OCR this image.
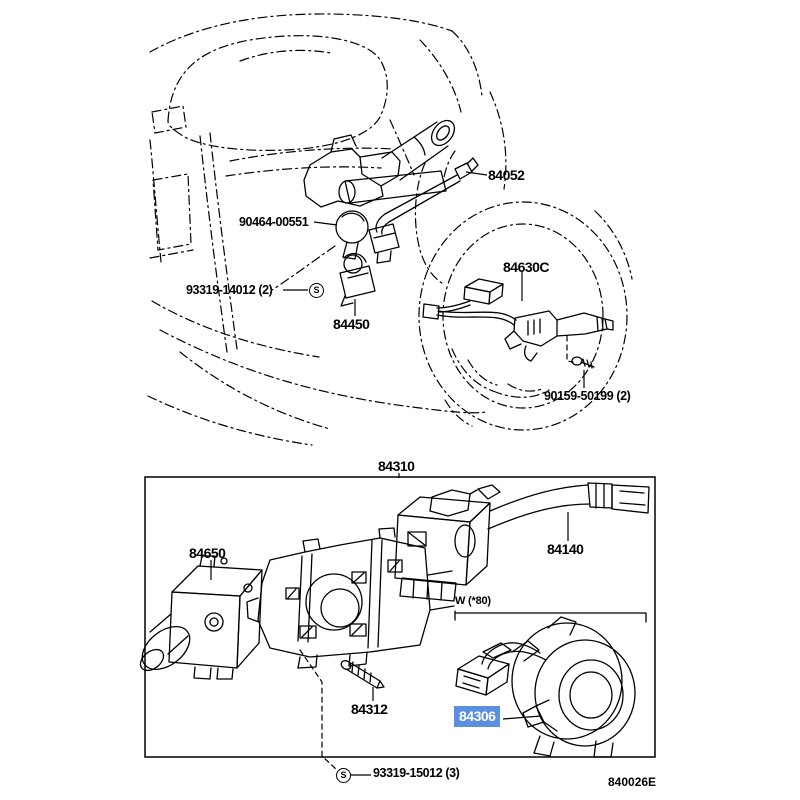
84052
90464-00551
93319-14012 (2)	S
84450
84630C
90159-50199 (2)
84310
84650	84140
W (*80)
84312	84306
S	93319-15012 (3)
840026E
